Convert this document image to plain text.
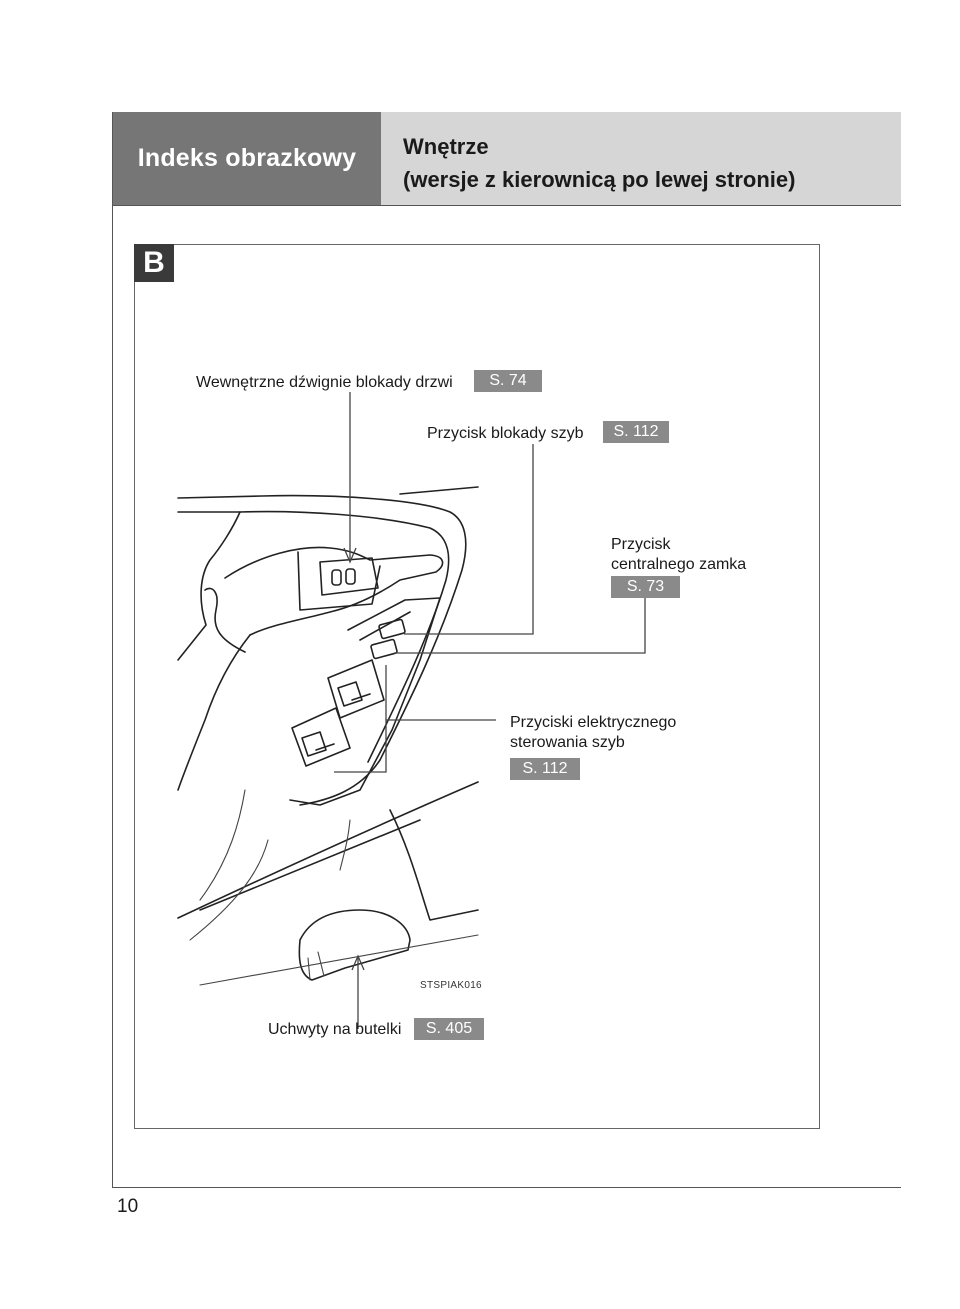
Indeks obrazkowy Wnętrze
(wersje z kierownicą po lewej stronie)
B
Wewnętrzne dźwignie blokady drzwi	S. 74
Przycisk blokady szyb	S. 112
Przycisk
centralnego zamka
S. 73
Przyciski elektrycznego
sterowania szyb
S. 112
STSPIAK016
Uchwyty na butelki	S. 405
10
